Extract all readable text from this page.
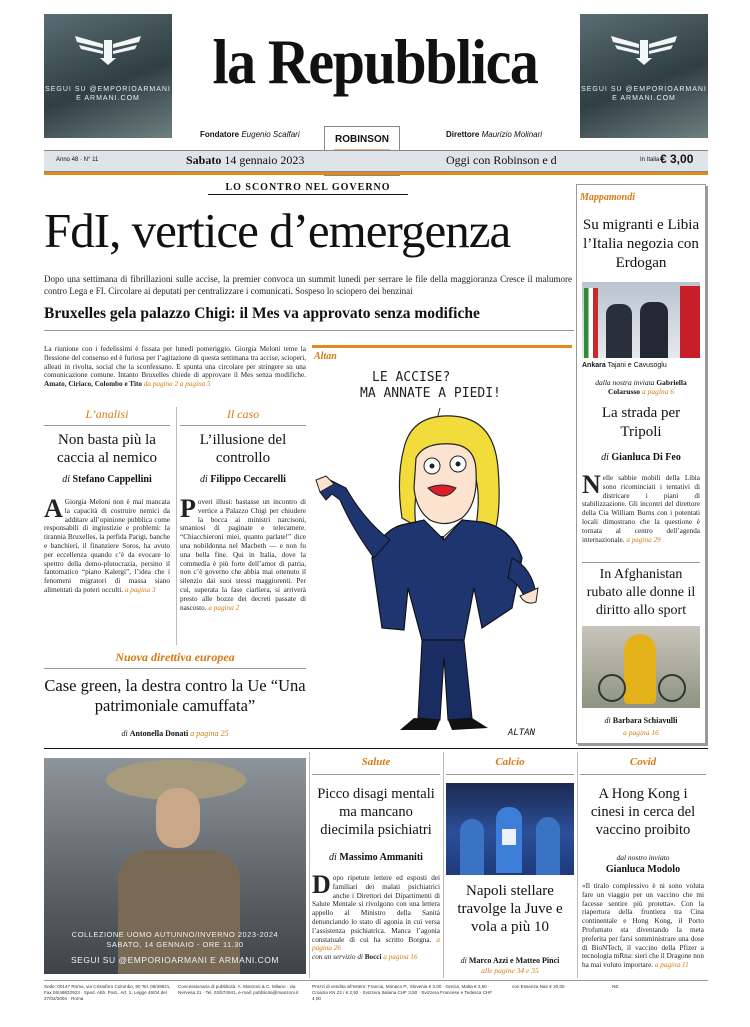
SEGUI SU @EMPORIOARMANI
E ARMANI.COM
SEGUI SU @EMPORIOARMANI
E ARMANI.COM
la Repubblica
Fondatore Eugenio Scalfari	Direttore Maurizio Molinari
ROBINSON
Anno 48 · N° 11	Sabato 14 gennaio 2023	Oggi con Robinson e d	In Italia € 3,00
LO SCONTRO NEL GOVERNO
FdI, vertice d’emergenza
Dopo una settimana di fibrillazioni sulle accise, la premier convoca un summit lunedì per serrare le file della maggioranza Cresce il malumore contro Lega e FI. Circolare ai deputati per centralizzare i comunicati. Sospeso lo sciopero dei benzinai
Bruxelles gela palazzo Chigi: il Mes va approvato senza modifiche
La riunione con i fedelissimi è fissata per lunedì pomeriggio. Giorgia Meloni teme la flessione del consenso ed è furiosa per l’agitazione di questa settimana tra accise, scioperi, alleati in rivolta, social che la sconfessano. E spunta una circolare per stringere su una comunicazione comune. Intanto Bruxelles chiede di approvare il Mes senza modifiche. Amato, Ciriaco, Colombo e Tito da pagina 2 a pagina 5
L’analisi
Non basta più la caccia al nemico
di Stefano Cappellini
A Giorgia Meloni non è mai mancata la capacità di costruire nemici da additare all’opinione pubblica come responsabili di ingiustizie e problemi: la tirannia Bruxelles, la perfida Parigi, banche e banchieri, il finanziere Soros, ha avuto per eccellenza quando c’è da evocare lo spettro della demo-plutocrazia, persino il fantomatico “piano Kalergi”, l’idea che i fenomeni migratori di massa siano alimentati da poteri occulti. a pagina 3
Il caso
L’illusione del controllo
di Filippo Ceccarelli
Poveri illusi: bastasse un incontro di vertice a Palazzo Chigi per chiudere la bocca ai ministri narcisoni, smaniosi di paginate e telecamere. “Chiacchieroni miei, quanto parlate!” dice una nobildonna nel Macbeth — e non fu una bella fine. Qui in Italia, dove la commedia è più forte dell’amor di patria, non c’è governo che abbia mai ottenuto il silenzio dai suoi stessi maggiorenti. Per cui, superata la fase ciarliera, si arriverà presto alle bozze dei decreti passate di nascosto. a pagina 2
Nuova direttiva europea
Case green, la destra contro la Ue “Una patrimoniale camuffata”
di Antonella Donati a pagina 25
Altan
LE ACCISE?
MA ANNATE A PIEDI!
ALTAN
Mappamondi
Su migranti e Libia l’Italia negozia con Erdogan
Ankara Tajani e Cavusoglu
dalla nostra inviata Gabriella Colarusso a pagina 6
La strada per Tripoli
di Gianluca Di Feo
Nelle sabbie mobili della Libia sono ricominciati i tentativi di districare i piani di stabilizzazione. Gli incontri del direttore della Cia William Burns con i potentati locali dimostrano che la questione è tornata al centro dell’agenda internazionale. a pagina 29
In Afghanistan rubato alle donne il diritto allo sport
di Barbara Schiavulli
a pagina 16
COLLEZIONE UOMO AUTUNNO/INVERNO 2023-2024
SABATO, 14 GENNAIO - ORE 11.30
SEGUI SU @EMPORIOARMANI E ARMANI.COM
Salute
Picco disagi mentali ma mancano diecimila psichiatri
di Massimo Ammaniti
Dopo ripetute lettere ed esposti dei familiari dei malati psichiatrici anche i Direttori dei Dipartimenti di Salute Mentale si rivolgono con una lettera appello al Ministro della Sanità denunciando lo stato di agonia in cui versa l’assistenza psichiatrica. Manca l’agonia constatuale di cui ha scritto Borgna. a pagina 26
con un servizio di Bocci a pagina 16
Calcio
Napoli stellare travolge la Juve e vola a più 10
di Marco Azzi e Matteo Pinci
alle pagine 34 e 35
Covid
A Hong Kong i cinesi in cerca del vaccino proibito
dal nostro inviato
Gianluca Modolo
«Il tiralo complessivo è ni sono voluta fare un viaggio per un vaccino che mi facesse sentire più protetta». Con la riapertura della frontiera tra Cina continentale e Hong Kong, il Porto Profumato sta diventando la meta preferita per farsi somministrare una dose di BioNTech, il vaccino della Pfizer a tecnologia mRna: sieri che il Dragone non ha mai voluto importare. a pagina 11
Sede: 00147 Roma, via Cristoforo Colombo, 90 Tel. 06/49821, Fax 06/49822923 · Sped. Abb. Post., Art. 1, Legge 46/04 del 27/02/2004 · Roma
Concessionaria di pubblicità: A. Manzoni & C. Milano · via Nervesa 21 · Tel. 02/574941, e-mail: pubblicita@manzoni.it
Prezzi di vendita all’estero: Francia, Monaco P., Slovenia € 3,00 · Grecia, Malta € 3,50 · Croazia KN 22 / € 2,92 · Svizzera Italiana CHF 3,50 · Svizzera Francese e Tedesca CHF 4,00
con Essenza Nair € 20,00	NE
